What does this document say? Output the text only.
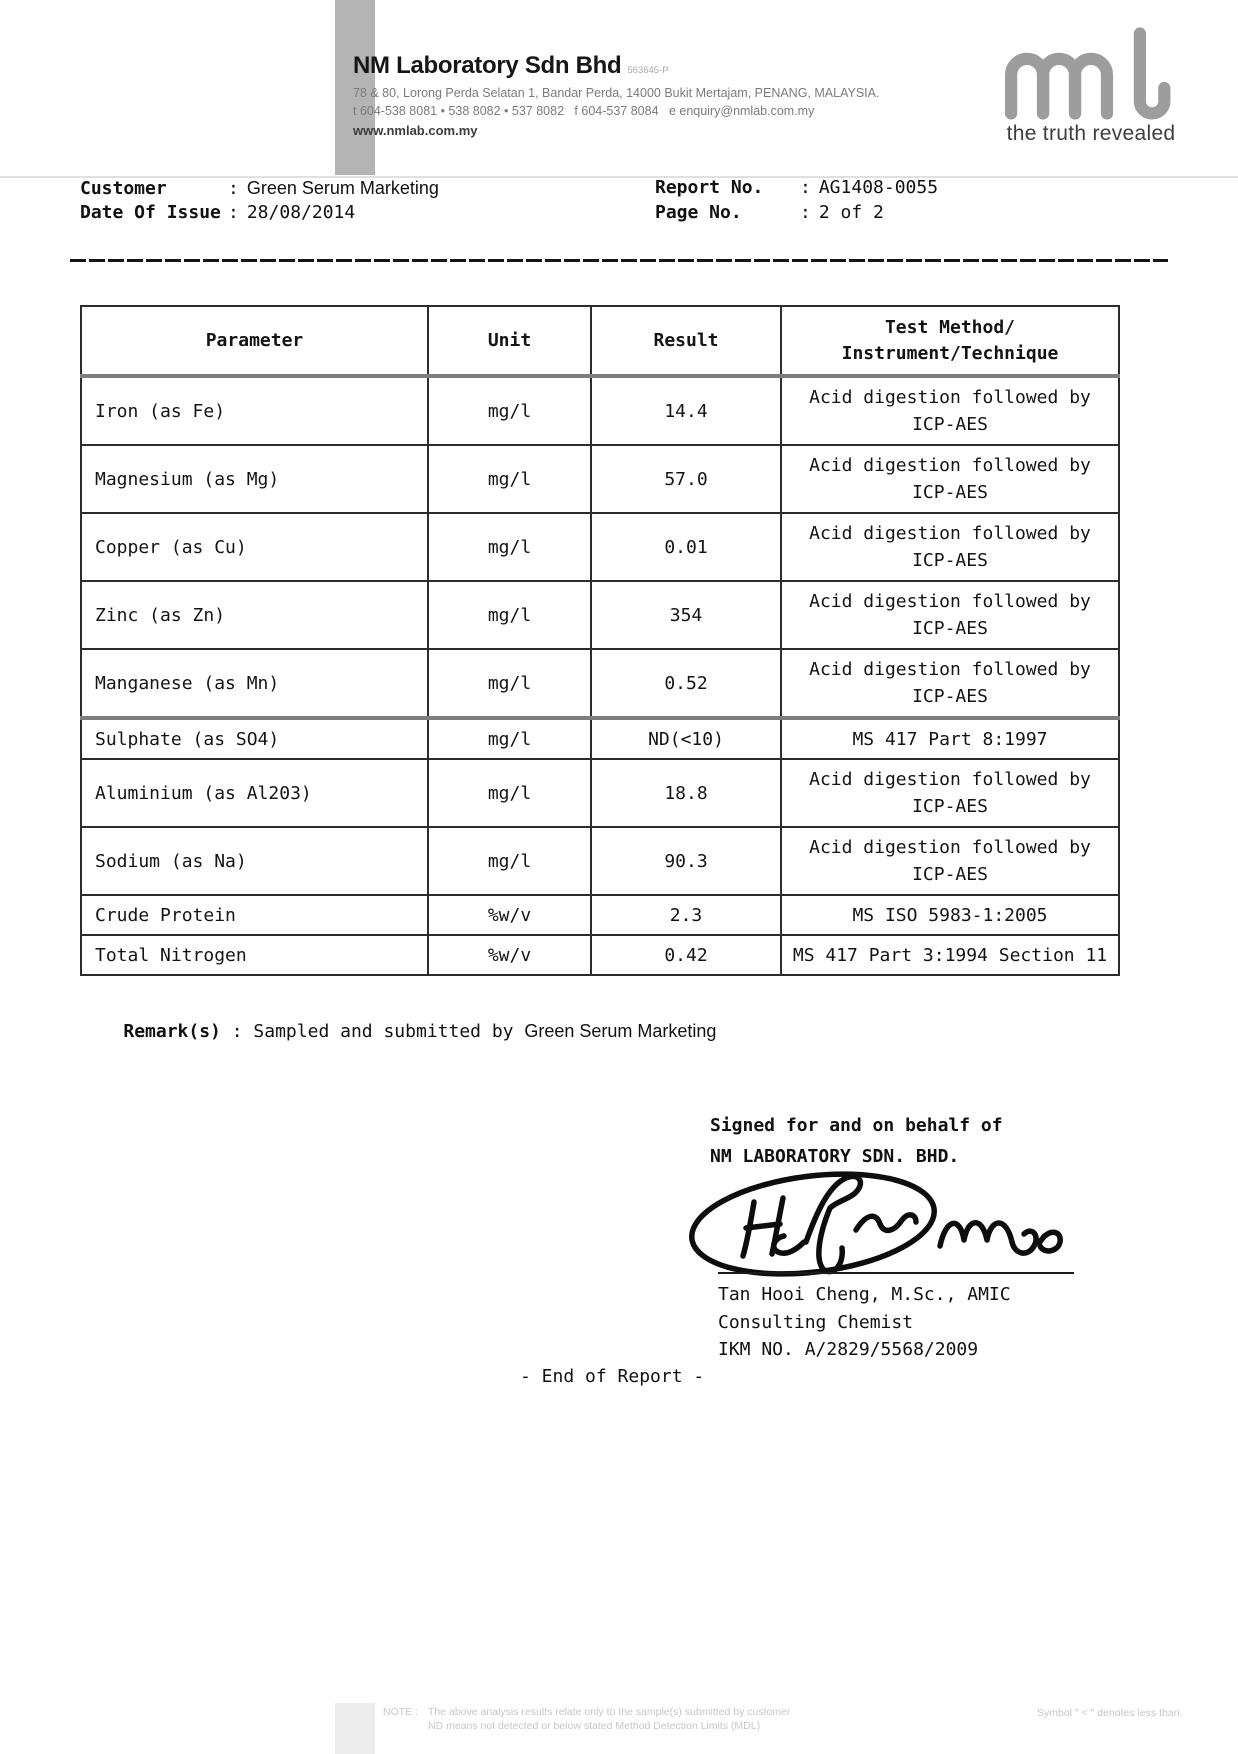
NM Laboratory Sdn Bhd 563645-P
78 & 80, Lorong Perda Selatan 1, Bandar Perda, 14000 Bukit Mertajam, PENANG, MALAYSIA.
t 604-538 8081 • 538 8082 • 537 8082   f 604-537 8084   e enquiry@nmlab.com.my
www.nmlab.com.my	the truth revealed
Customer	: Green Serum Marketing
Date Of Issue : 28/08/2014
Report No. : AG1408-0055
Page No.	: 2 of 2
Parameter	Unit	Result	Test Method/
Instrument/Technique

Iron (as Fe)	mg/l	14.4	Acid digestion followed by
ICP-AES

Magnesium (as Mg)	mg/l	57.0	Acid digestion followed by
ICP-AES

Copper (as Cu)	mg/l	0.01	Acid digestion followed by
ICP-AES

Zinc (as Zn)	mg/l	354	Acid digestion followed by
ICP-AES

Manganese (as Mn)	mg/l	0.52	Acid digestion followed by
ICP-AES

Sulphate (as SO4)	mg/l	ND(<10)	MS 417 Part 8:1997

Aluminium (as Al203)	mg/l	18.8	Acid digestion followed by
ICP-AES

Sodium (as Na)	mg/l	90.3	Acid digestion followed by
ICP-AES

Crude Protein	%w/v	2.3	MS ISO 5983-1:2005

Total Nitrogen	%w/v	0.42	MS 417 Part 3:1994 Section 11

Remark(s) : Sampled and submitted by Green Serum Marketing

Signed for and on behalf of
NM LABORATORY SDN. BHD.
Tan Hooi Cheng, M.Sc., AMIC
Consulting Chemist
IKM NO. A/2829/5568/2009
- End of Report -
NOTE : The above analysis results relate only to the sample(s) submitted by customer
ND means not detected or below stated Method Detection Limits (MDL)
Symbol " < " denotes less than.
